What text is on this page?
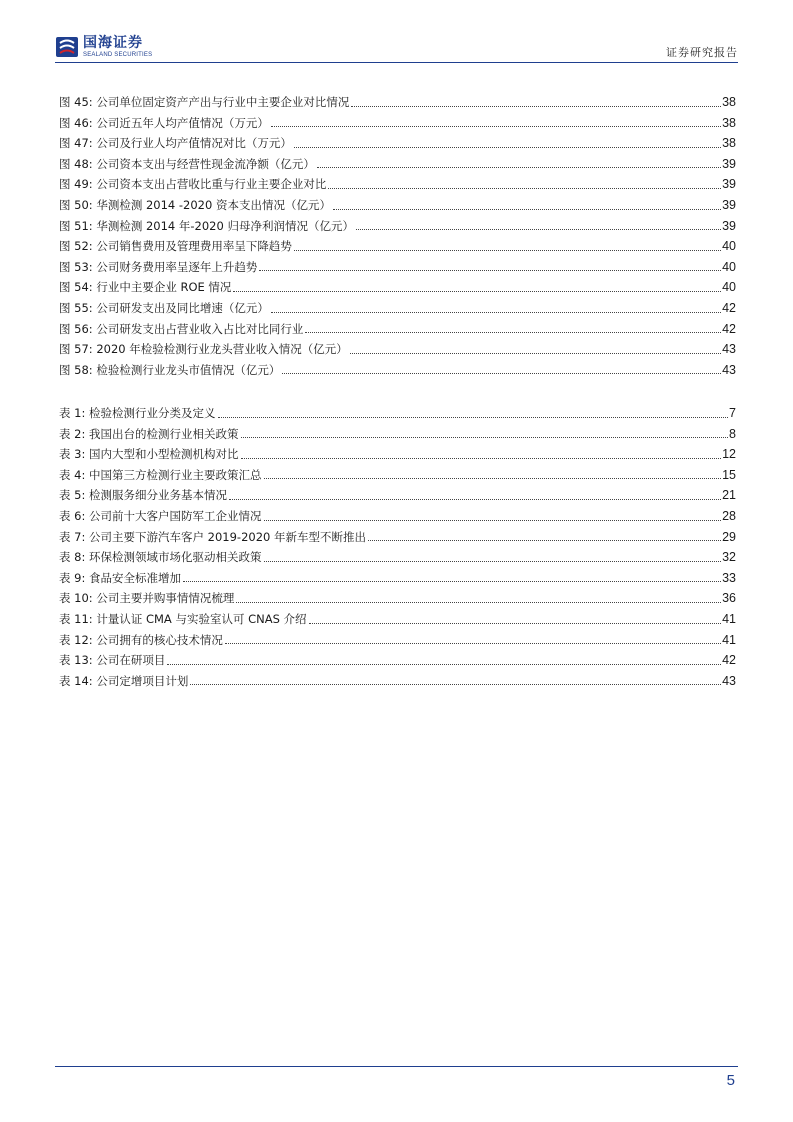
国海证券
SEALAND SECURITIES	证券研究报告
图 45: 公司单位固定资产产出与行业中主要企业对比情况	38
图 46: 公司近五年人均产值情况（万元）	38
图 47: 公司及行业人均产值情况对比（万元）	38
图 48: 公司资本支出与经营性现金流净额（亿元）	39
图 49: 公司资本支出占营收比重与行业主要企业对比	39
图 50: 华测检测 2014 -2020 资本支出情况（亿元）	39
图 51: 华测检测 2014 年-2020 归母净利润情况（亿元）	39
图 52: 公司销售费用及管理费用率呈下降趋势	40
图 53: 公司财务费用率呈逐年上升趋势	40
图 54: 行业中主要企业 ROE 情况	40
图 55: 公司研发支出及同比增速（亿元）	42
图 56: 公司研发支出占营业收入占比对比同行业	42
图 57: 2020 年检验检测行业龙头营业收入情况（亿元）	43
图 58: 检验检测行业龙头市值情况（亿元）	43
表 1: 检验检测行业分类及定义	7
表 2: 我国出台的检测行业相关政策	8
表 3: 国内大型和小型检测机构对比	12
表 4: 中国第三方检测行业主要政策汇总	15
表 5: 检测服务细分业务基本情况	21
表 6: 公司前十大客户国防军工企业情况	28
表 7: 公司主要下游汽车客户 2019-2020 年新车型不断推出	29
表 8: 环保检测领域市场化驱动相关政策	32
表 9: 食品安全标准增加	33
表 10: 公司主要并购事情情况梳理	36
表 11: 计量认证 CMA 与实验室认可 CNAS 介绍	41
表 12: 公司拥有的核心技术情况	41
表 13: 公司在研项目	42
表 14: 公司定增项目计划	43
5
